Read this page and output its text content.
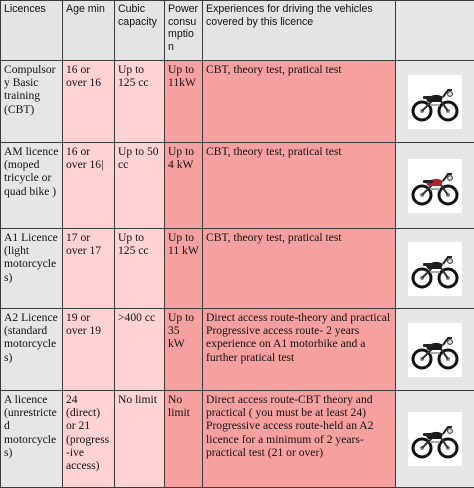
Licences	Age min	Cubic capacity	Power consumption	Experiences for driving the vehicles covered by this licence	
Compulsory Basic training (CBT)	16 or over 16	Up to 125 cc	Up to 11kW	CBT, theory test, pratical test

AM licence (moped tricycle or quad bike )	16 or over 16|	Up to 50 cc	Up to 4 kW	CBT, theory test, pratical test

A1 Licence (light motorcycles)	17 or over 17	Up to 125 cc	Up to 11 kW	CBT, theory test, pratical test

A2 Licence (standard motorcycles)	19 or over 19	>400 cc	Up to 35 kW	Direct access route-theory and practical
Progressive access route- 2 years experience on A1 motorbike and a further pratical test

A licence (unrestricted motorcycles)	24 (direct) or 21 (progress-ive access)	No limit	No limit	Direct access route-CBT theory and practical ( you must be at least 24)
Progressive access route-held an A2 licence for a minimum of 2 years- practical test (21 or over)
